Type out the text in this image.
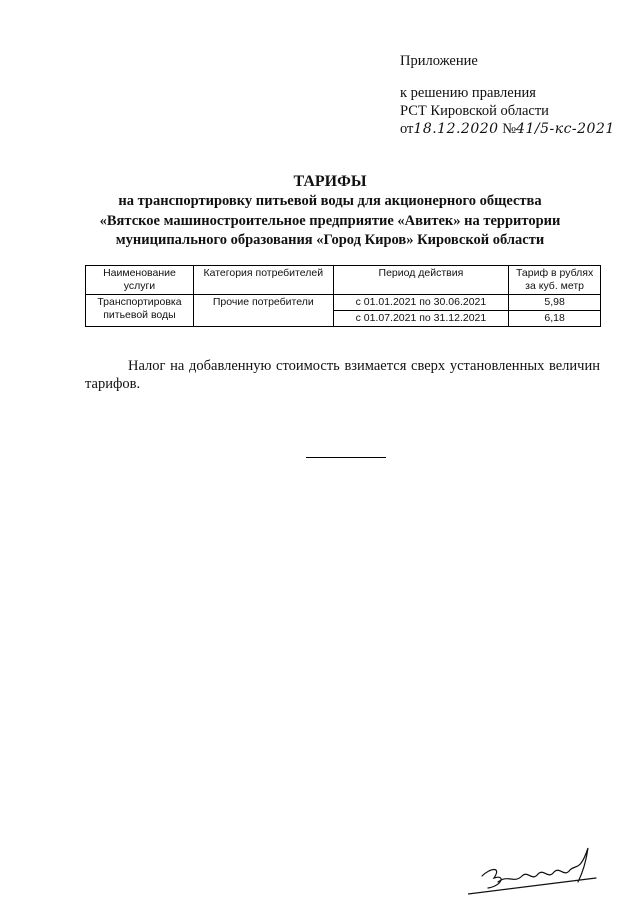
Приложение
к решению правления
РСТ Кировской области
от18.12.2020 №41/5-кс-2021
ТАРИФЫ
на транспортировку питьевой воды для акционерного общества
«Вятское машиностроительное предприятие «Авитек» на территории
муниципального образования «Город Киров» Кировской области
Наименование услуги	Категория потребителей	Период действия	Тариф в рублях за куб. метр
Транспортировка питьевой воды	Прочие потребители	с 01.01.2021 по 30.06.2021	5,98
		с 01.07.2021 по 31.12.2021	6,18
Налог на добавленную стоимость взимается сверх установленных величин тарифов.
